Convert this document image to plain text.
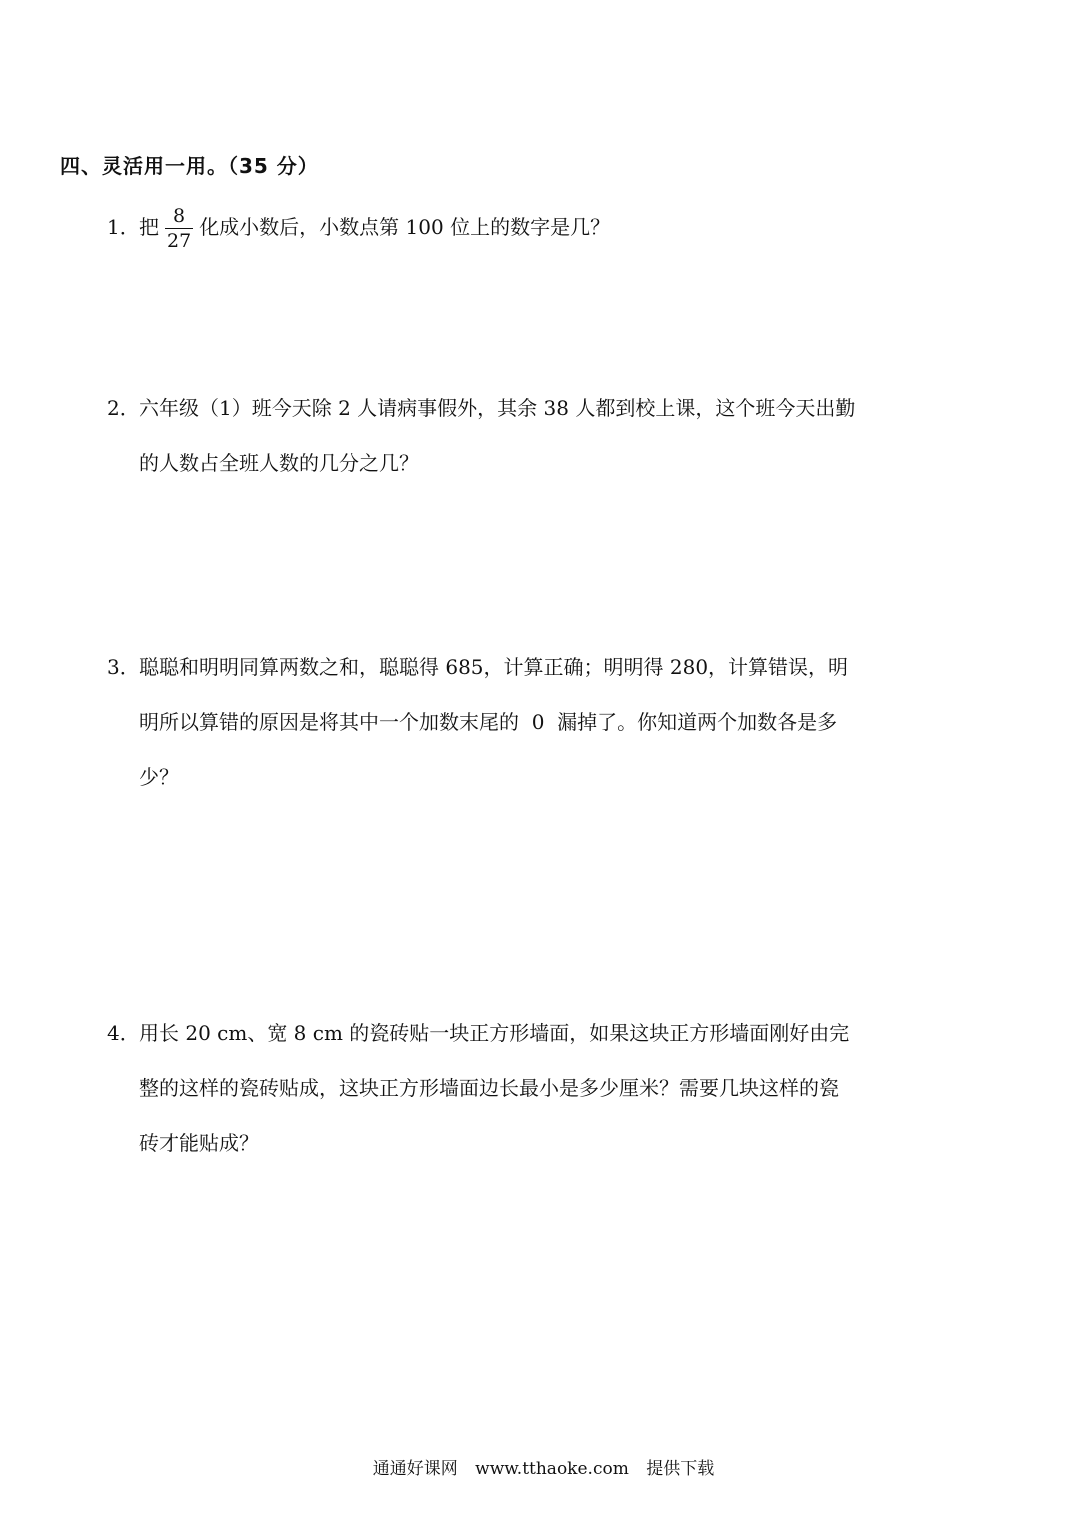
四、灵活用一用。（35 分）
1．把 $\frac{8}{27}$ 化成小数后，小数点第 100 位上的数字是几？
2．六年级（1）班今天除 2 人请病事假外，其余 38 人都到校上课，这个班今天出勤
的人数占全班人数的几分之几？
3．聪聪和明明同算两数之和，聪聪得 685，计算正确；明明得 280，计算错误，明
明所以算错的原因是将其中一个加数末尾的  0  漏掉了。你知道两个加数各是多
少？
4．用长 20 cm、宽 8 cm 的瓷砖贴一块正方形墙面，如果这块正方形墙面刚好由完
整的这样的瓷砖贴成，这块正方形墙面边长最小是多少厘米？需要几块这样的瓷
砖才能贴成？
通通好课网 www.tthaoke.com 提供下载
